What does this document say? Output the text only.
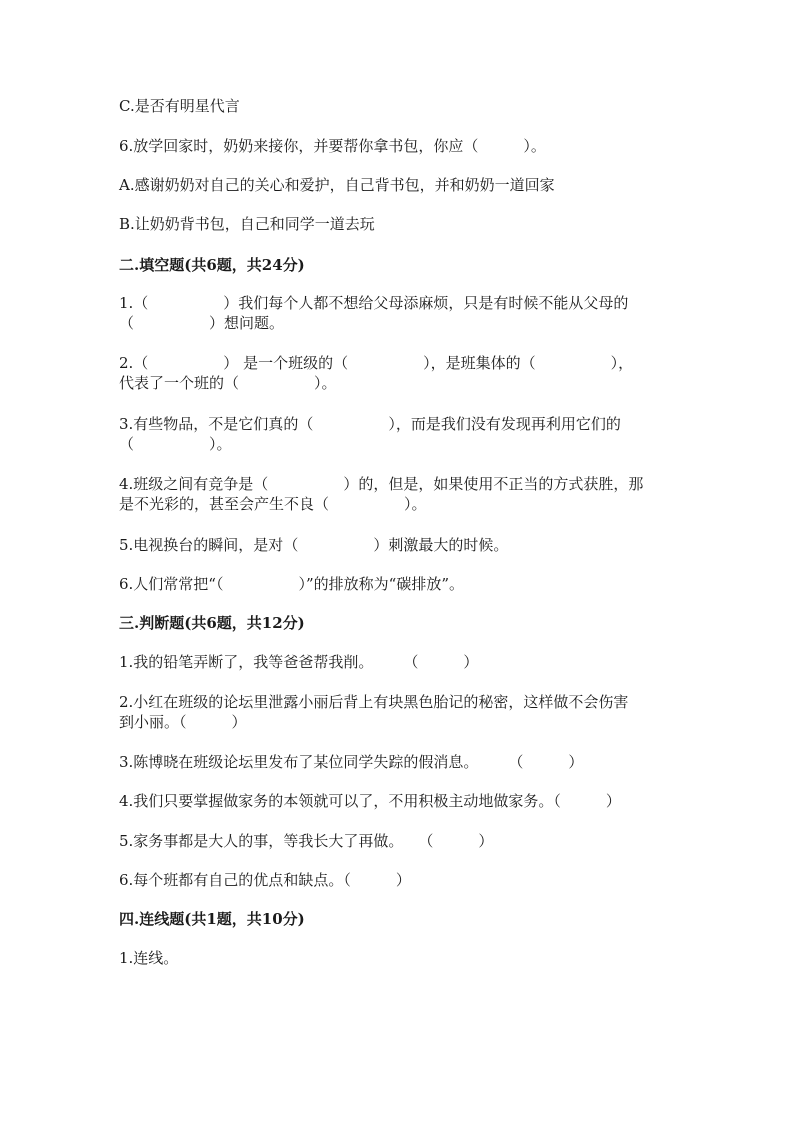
C.是否有明星代言

6.放学回家时，奶奶来接你，并要帮你拿书包，你应（　　　）。

A.感谢奶奶对自己的关心和爱护，自己背书包，并和奶奶一道回家

B.让奶奶背书包，自己和同学一道去玩

二.填空题(共6题，共24分)

1.（　　　　　）我们每个人都不想给父母添麻烦，只是有时候不能从父母的

（　　　　　）想问题。

2.（　　　　　） 是一个班级的（　　　　　），是班集体的（　　　　　），

代表了一个班的（　　　　　）。

3.有些物品，不是它们真的（　　　　　），而是我们没有发现再利用它们的

（　　　　　）。

4.班级之间有竞争是（　　　　　）的，但是，如果使用不正当的方式获胜，那

是不光彩的，甚至会产生不良（　　　　　）。

5.电视换台的瞬间，是对（　　　　　）刺激最大的时候。

6.人们常常把“（　　　　　）”的排放称为“碳排放”。

三.判断题(共6题，共12分)

1.我的铅笔弄断了，我等爸爸帮我削。　　　（　　　）

2.小红在班级的论坛里泄露小丽后背上有块黑色胎记的秘密，这样做不会伤害

到小丽。（　　　）

3.陈博晓在班级论坛里发布了某位同学失踪的假消息。　　　（　　　）

4.我们只要掌握做家务的本领就可以了，不用积极主动地做家务。（　　　）

5.家务事都是大人的事，等我长大了再做。　　（　　　）

6.每个班都有自己的优点和缺点。（　　　）

四.连线题(共1题，共10分)

1.连线。
